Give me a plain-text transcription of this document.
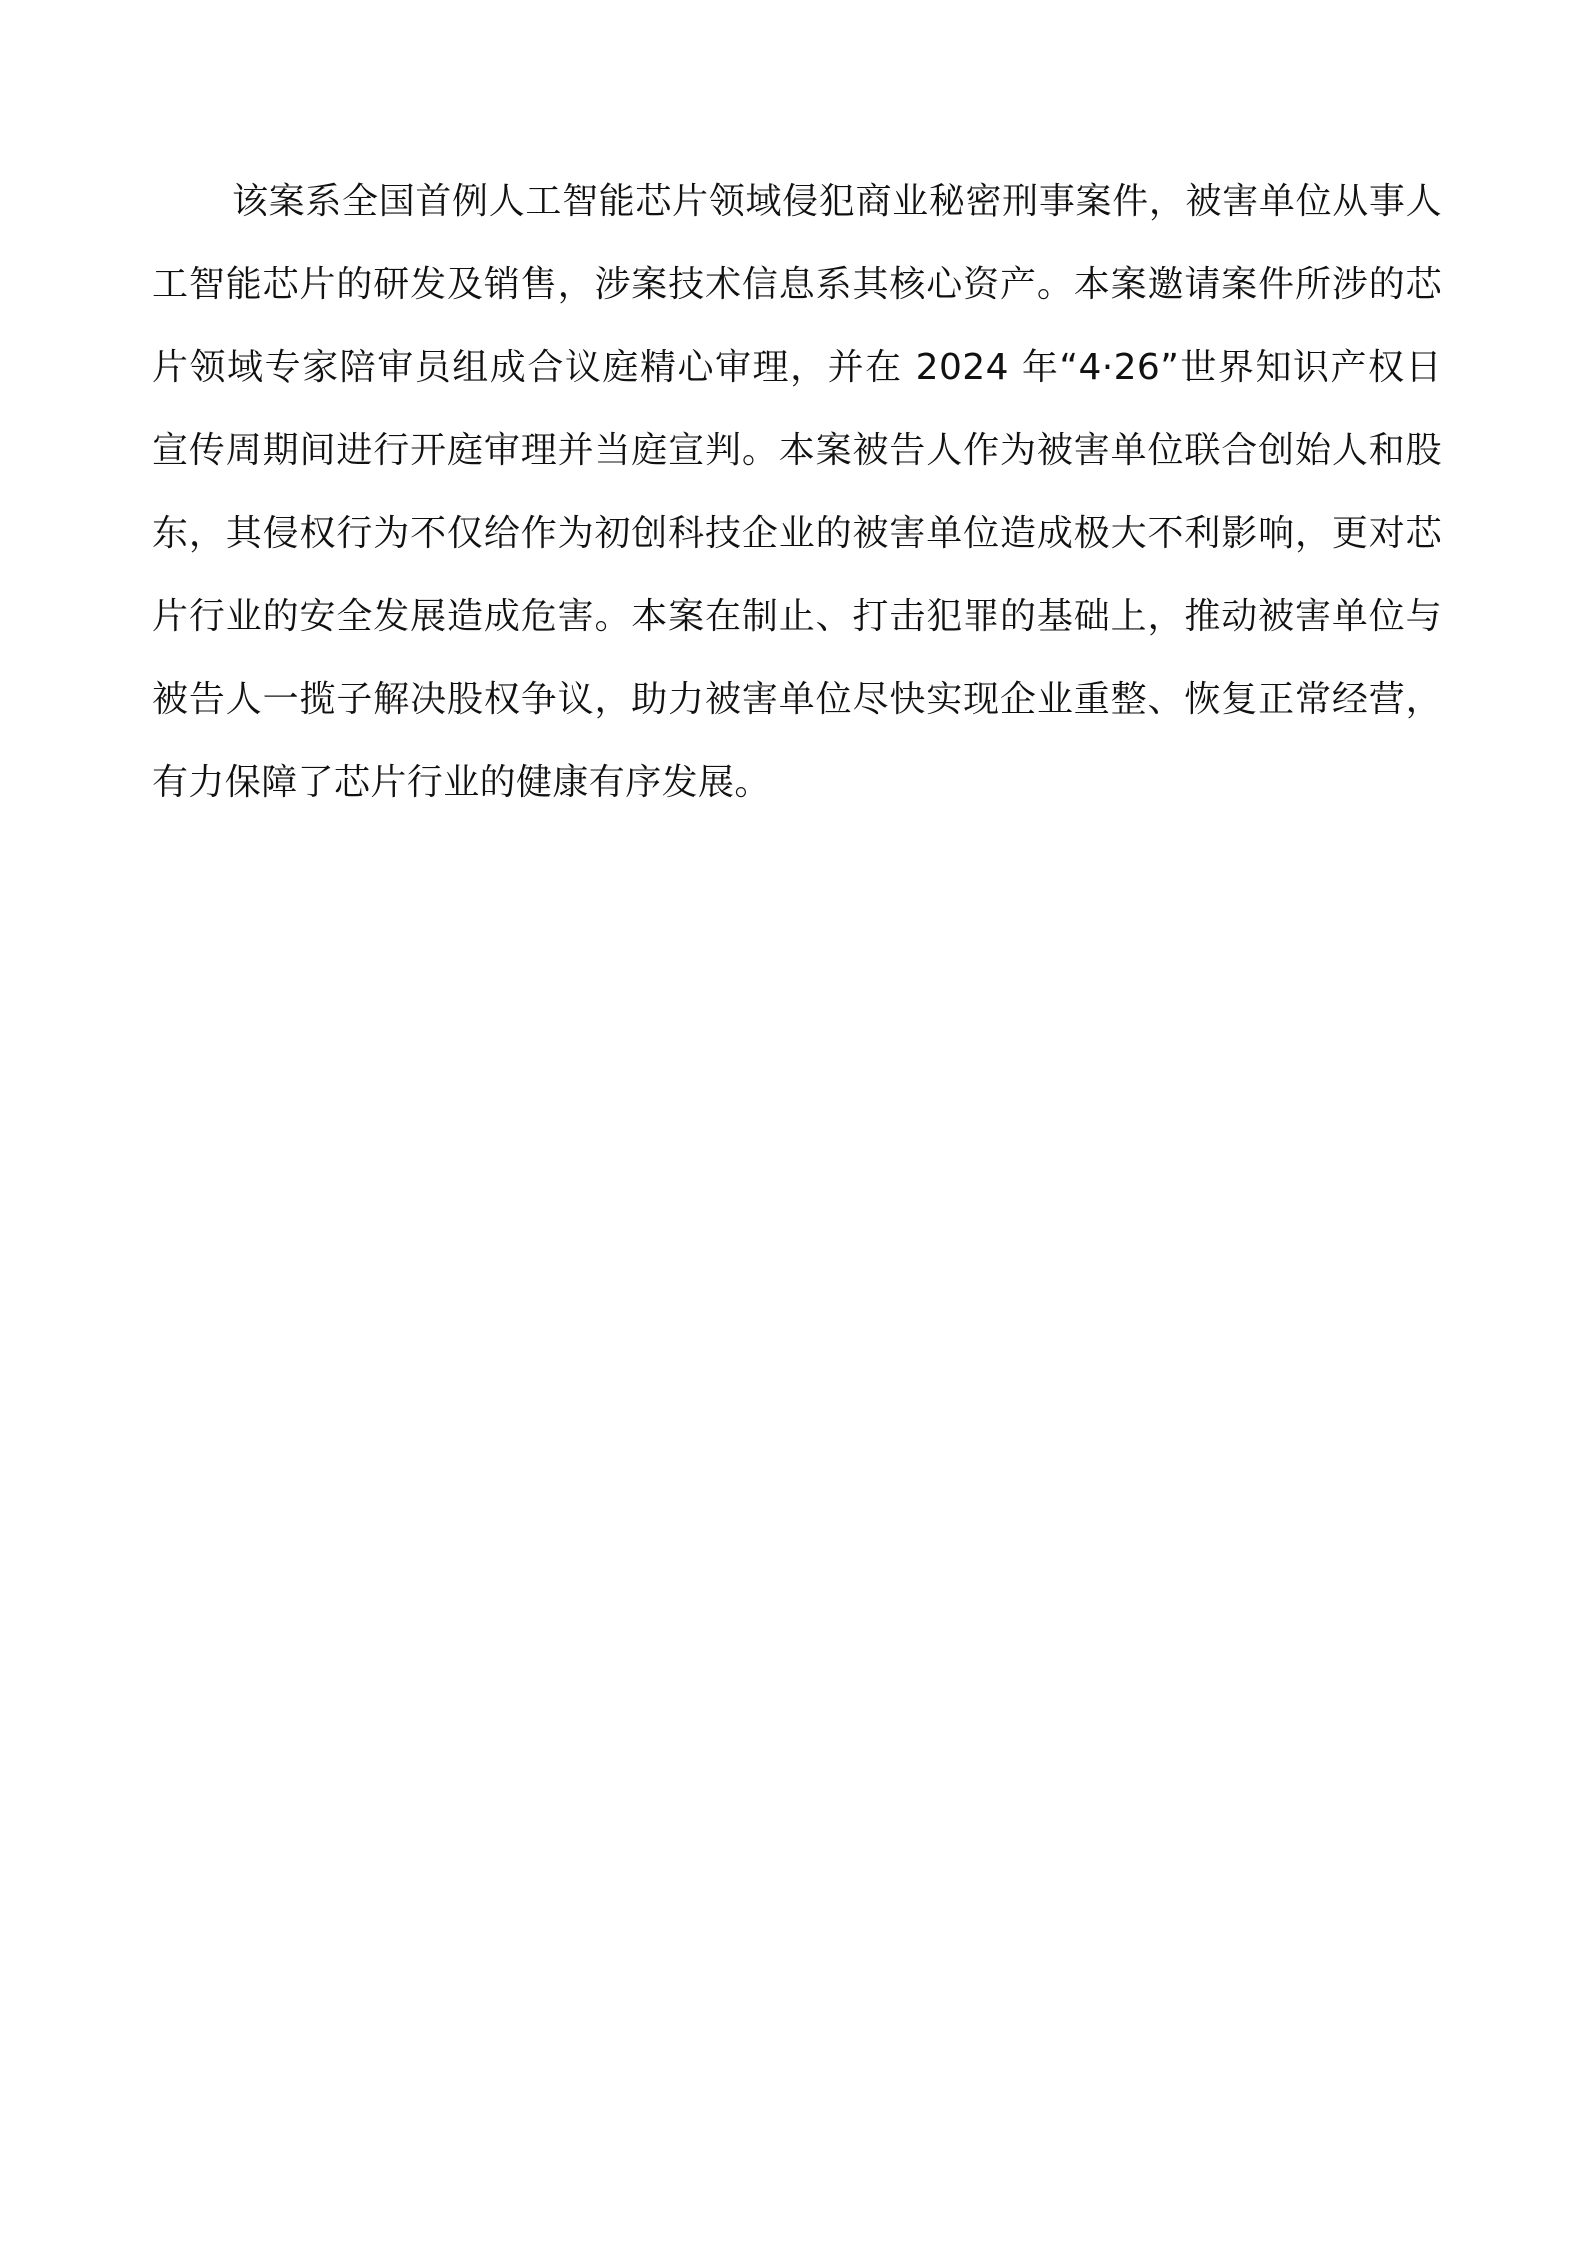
该案系全国首例人工智能芯片领域侵犯商业秘密刑事案件，被害单位从事人工智能芯片的研发及销售，涉案技术信息系其核心资产。本案邀请案件所涉的芯片领域专家陪审员组成合议庭精心审理，并在 2024 年“4·26”世界知识产权日宣传周期间进行开庭审理并当庭宣判。本案被告人作为被害单位联合创始人和股东，其侵权行为不仅给作为初创科技企业的被害单位造成极大不利影响，更对芯片行业的安全发展造成危害。本案在制止、打击犯罪的基础上，推动被害单位与被告人一揽子解决股权争议，助力被害单位尽快实现企业重整、恢复正常经营，有力保障了芯片行业的健康有序发展。
